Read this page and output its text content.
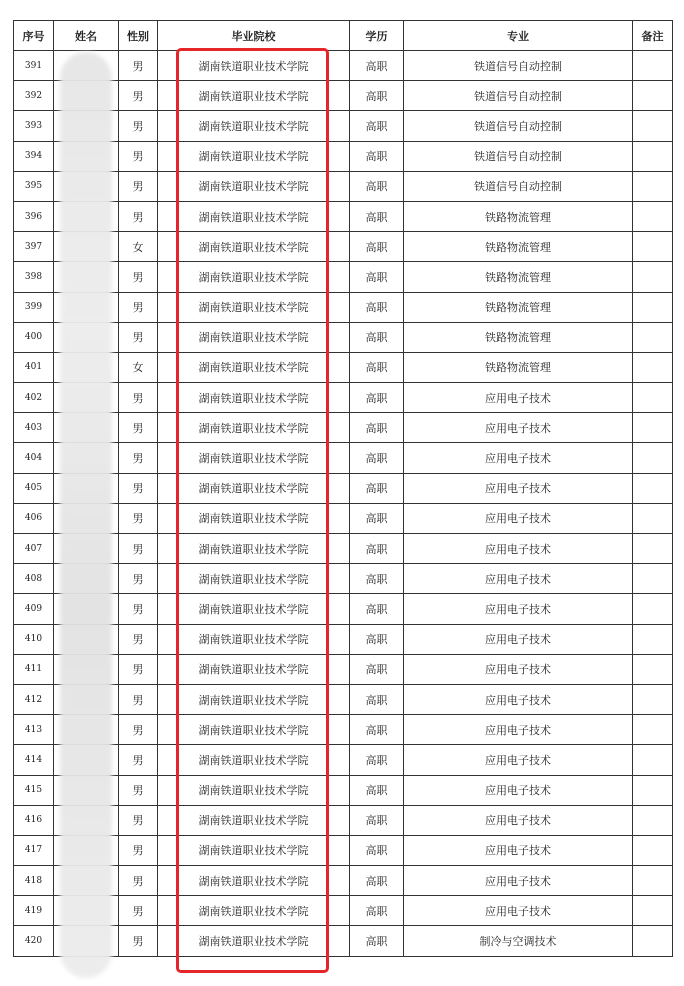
序号	姓名	性别	毕业院校	学历	专业	备注
391		男	湖南铁道职业技术学院	高职	铁道信号自动控制	
392		男	湖南铁道职业技术学院	高职	铁道信号自动控制	
393		男	湖南铁道职业技术学院	高职	铁道信号自动控制	
394		男	湖南铁道职业技术学院	高职	铁道信号自动控制	
395		男	湖南铁道职业技术学院	高职	铁道信号自动控制	
396		男	湖南铁道职业技术学院	高职	铁路物流管理	
397		女	湖南铁道职业技术学院	高职	铁路物流管理	
398		男	湖南铁道职业技术学院	高职	铁路物流管理	
399		男	湖南铁道职业技术学院	高职	铁路物流管理	
400		男	湖南铁道职业技术学院	高职	铁路物流管理	
401		女	湖南铁道职业技术学院	高职	铁路物流管理	
402		男	湖南铁道职业技术学院	高职	应用电子技术	
403		男	湖南铁道职业技术学院	高职	应用电子技术	
404		男	湖南铁道职业技术学院	高职	应用电子技术	
405		男	湖南铁道职业技术学院	高职	应用电子技术	
406		男	湖南铁道职业技术学院	高职	应用电子技术	
407		男	湖南铁道职业技术学院	高职	应用电子技术	
408		男	湖南铁道职业技术学院	高职	应用电子技术	
409		男	湖南铁道职业技术学院	高职	应用电子技术	
410		男	湖南铁道职业技术学院	高职	应用电子技术	
411		男	湖南铁道职业技术学院	高职	应用电子技术	
412		男	湖南铁道职业技术学院	高职	应用电子技术	
413		男	湖南铁道职业技术学院	高职	应用电子技术	
414		男	湖南铁道职业技术学院	高职	应用电子技术	
415		男	湖南铁道职业技术学院	高职	应用电子技术	
416		男	湖南铁道职业技术学院	高职	应用电子技术	
417		男	湖南铁道职业技术学院	高职	应用电子技术	
418		男	湖南铁道职业技术学院	高职	应用电子技术	
419		男	湖南铁道职业技术学院	高职	应用电子技术	
420		男	湖南铁道职业技术学院	高职	制冷与空调技术	
